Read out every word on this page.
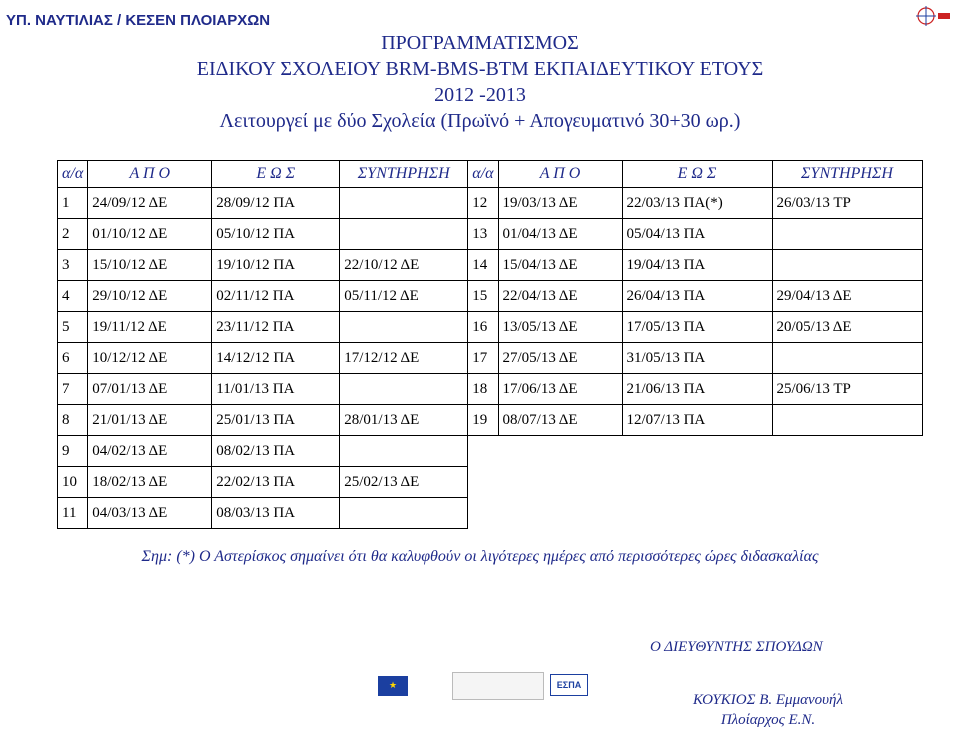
ΥΠ. ΝΑΥΤΙΛΙΑΣ / ΚΕΣΕΝ ΠΛΟΙΑΡΧΩΝ
ΠΡΟΓΡΑΜΜΑΤΙΣΜΟΣ
ΕΙΔΙΚΟΥ ΣΧΟΛΕΙΟΥ BRM-BMS-BTM ΕΚΠΑΙΔΕΥΤΙΚΟΥ ΕΤΟΥΣ
2012 -2013
Λειτουργεί με δύο Σχολεία (Πρωϊνό + Απογευματινό 30+30 ωρ.)
α/α	Α Π Ο	Ε Ω Σ	ΣΥΝΤΗΡΗΣΗ	α/α	Α Π Ο	Ε Ω Σ	ΣΥΝΤΗΡΗΣΗ
1	24/09/12 ΔΕ	28/09/12 ΠΑ		12	19/03/13 ΔΕ	22/03/13 ΠΑ(*)	26/03/13 ΤΡ
2	01/10/12 ΔΕ	05/10/12 ΠΑ		13	01/04/13 ΔΕ	05/04/13 ΠΑ	
3	15/10/12 ΔΕ	19/10/12 ΠΑ	22/10/12 ΔΕ	14	15/04/13 ΔΕ	19/04/13 ΠΑ	
4	29/10/12 ΔΕ	02/11/12 ΠΑ	05/11/12 ΔΕ	15	22/04/13 ΔΕ	26/04/13 ΠΑ	29/04/13 ΔΕ
5	19/11/12 ΔΕ	23/11/12 ΠΑ		16	13/05/13 ΔΕ	17/05/13 ΠΑ	20/05/13 ΔΕ
6	10/12/12 ΔΕ	14/12/12 ΠΑ	17/12/12 ΔΕ	17	27/05/13 ΔΕ	31/05/13 ΠΑ	
7	07/01/13 ΔΕ	11/01/13 ΠΑ		18	17/06/13 ΔΕ	21/06/13 ΠΑ	25/06/13 ΤΡ
8	21/01/13 ΔΕ	25/01/13 ΠΑ	28/01/13 ΔΕ	19	08/07/13 ΔΕ	12/07/13 ΠΑ	
9	04/02/13 ΔΕ	08/02/13 ΠΑ					
10	18/02/13 ΔΕ	22/02/13 ΠΑ	25/02/13 ΔΕ				
11	04/03/13 ΔΕ	08/03/13 ΠΑ					
Σημ: (*) Ο Αστερίσκος σημαίνει ότι θα καλυφθούν οι λιγότερες ημέρες από περισσότερες ώρες διδασκαλίας
Ο ΔΙΕΥΘΥΝΤΗΣ ΣΠΟΥΔΩΝ
ΚΟΥΚΙΟΣ Β. Εμμανουήλ
Πλοίαρχος Ε.Ν.
★
ΕΣΠΑ
